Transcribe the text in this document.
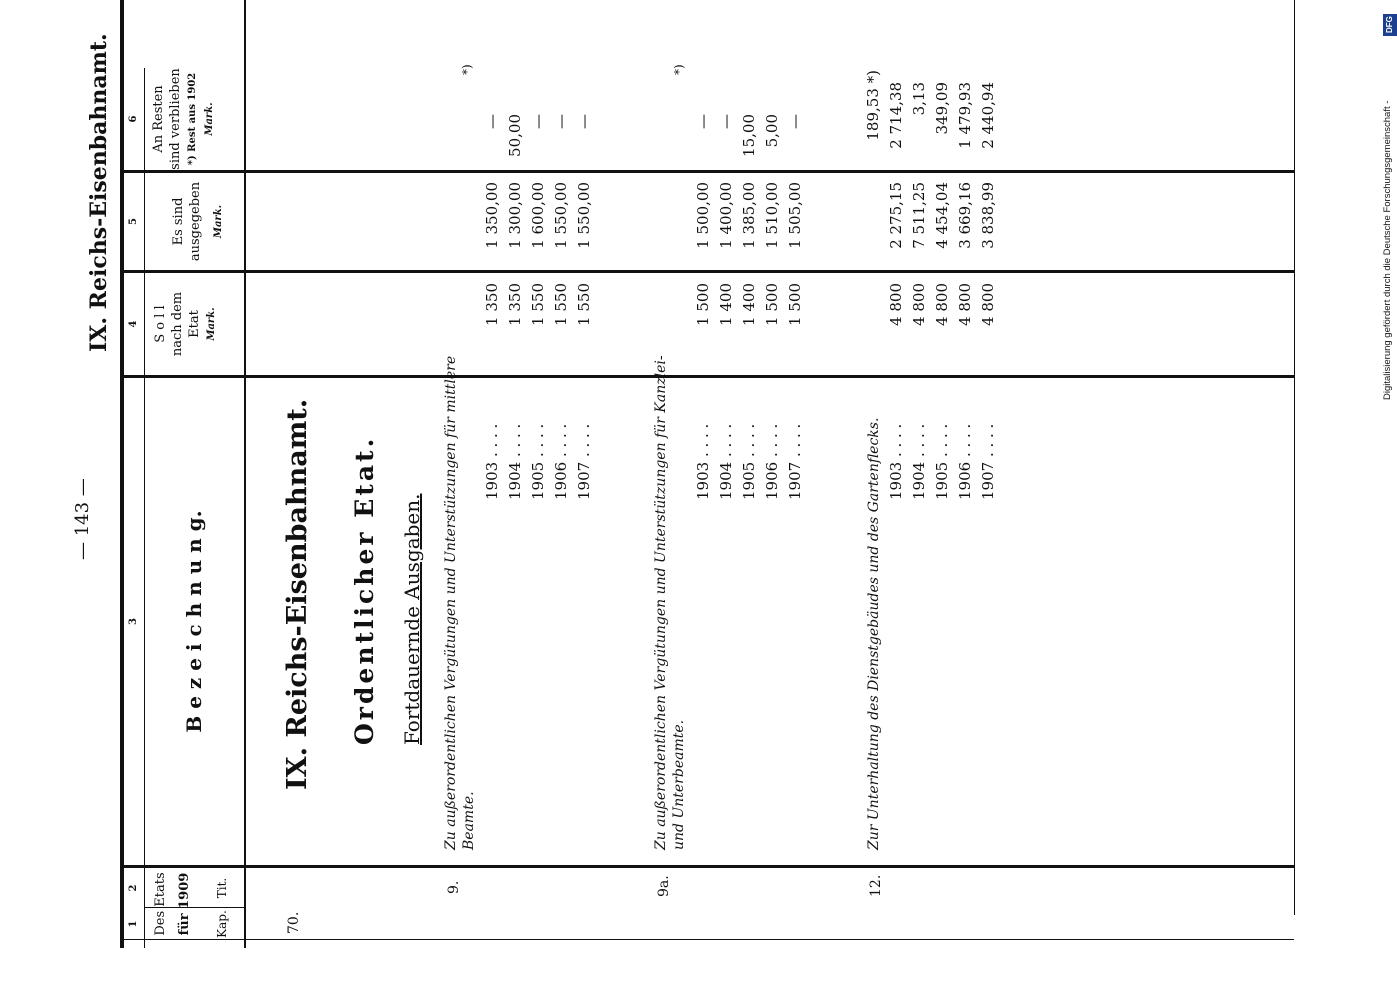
— 143 —
IX. Reichs-Eisenbahnamt.
1
2
3
4
5
6
Des Etats für 1909 Kap.
Tit.
B e z e i c h n u n g.
S o l l nach dem Etat Mark.
Es sind ausgegeben	Mark.
An Resten sind verblieben *) Rest aus 1902 Mark.
70.
IX. Reichs-Eisenbahnamt. Ordentlicher Etat. Fortdauernde Ausgaben.
9.
Zu außerordentlichen Vergütungen und Unterstützungen für mittlere Beamte.
1903 . . . . 1904 . . . . 1905 . . . . 1906 . . . . 1907 . . . .
1 350 1 350 1 550 1 550 1 550
1 350,00 1 300,00 1 600,00 1 550,00 1 550,00
— 50,00 — — —
*)
9a.
Zu außerordentlichen Vergütungen und Unterstützungen für Kanzlei- und Unterbeamte.
1903 . . . . 1904 . . . . 1905 . . . . 1906 . . . . 1907 . . . .
1 500 1 400 1 400 1 500 1 500
1 500,00 1 400,00 1 385,00 1 510,00 1 505,00
— — 15,00 5,00 —
*)
12.
Zur Unterhaltung des Dienstgebäudes und des Gartenflecks. 1903 . . . . 1904 . . . . 1905 . . . . 1906 . . . . 1907 . . . .
4 800 4 800 4 800 4 800 4 800
2 275,15 7 511,25 4 454,04 3 669,16 3 838,99
189,53 *) 2 714,38 3,13 349,09 1 479,93 2 440,94
DFG
Digitalisierung gefördert durch die Deutsche Forschungsgemeinschaft -
